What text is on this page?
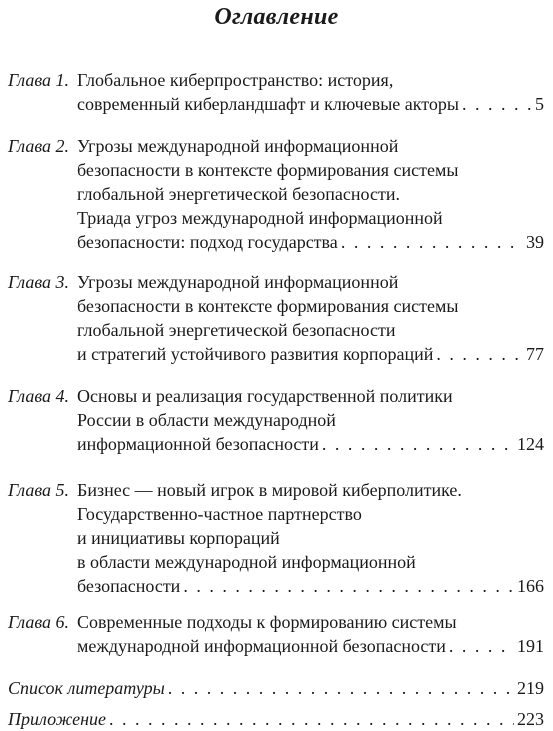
Оглавление
Глава 1. Глобальное киберпространство: история,
современный киберландшафт и ключевые акторы . . .	5
Глава 2. Угрозы международной информационной
безопасности в контексте формирования системы
глобальной энергетической безопасности.
Триада угроз международной информационной
безопасности: подход государства . . .	39
Глава 3. Угрозы международной информационной
безопасности в контексте формирования системы
глобальной энергетической безопасности
и стратегий устойчивого развития корпораций . . .	77
Глава 4. Основы и реализация государственной политики
России в области международной
информационной безопасности . . .	124
Глава 5. Бизнес — новый игрок в мировой киберполитике.
Государственно-частное партнерство
и инициативы корпораций
в области международной информационной
безопасности . . .	166
Глава 6. Современные подходы к формированию системы
международной информационной безопасности . . .	191
Список литературы . . .	219
Приложение . . .	223
